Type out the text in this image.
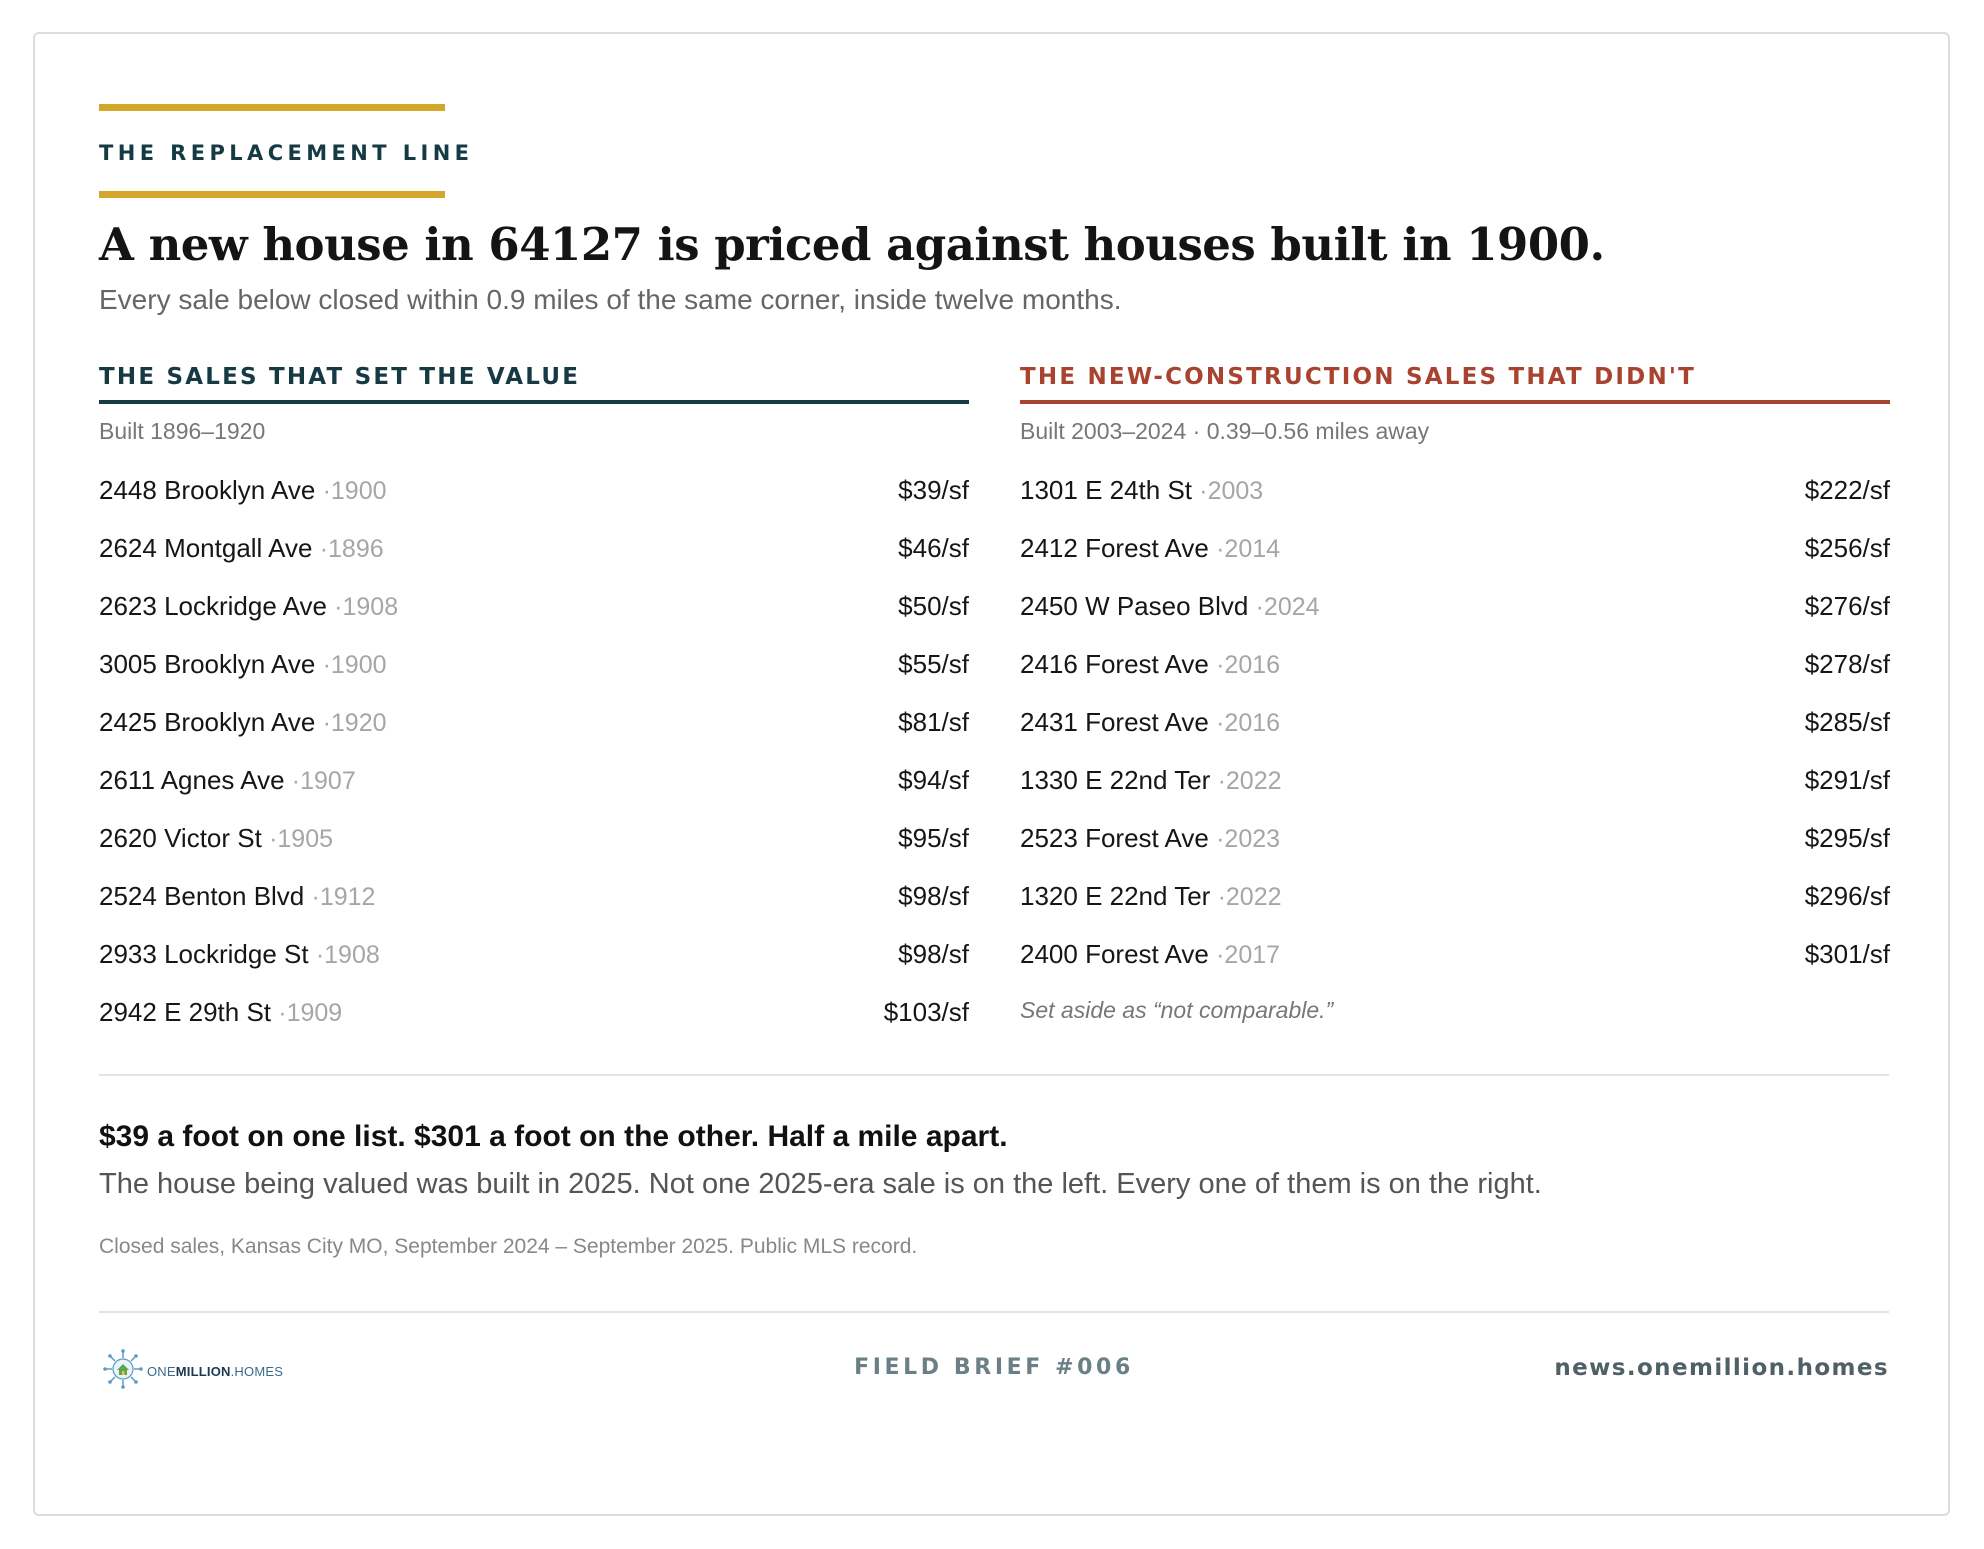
THE REPLACEMENT LINE
A new house in 64127 is priced against houses built in 1900.
Every sale below closed within 0.9 miles of the same corner, inside twelve months.
THE SALES THAT SET THE VALUE
Built 1896–1920
2448 Brooklyn Ave ·1900	$39/sf
2624 Montgall Ave ·1896	$46/sf
2623 Lockridge Ave ·1908	$50/sf
3005 Brooklyn Ave ·1900	$55/sf
2425 Brooklyn Ave ·1920	$81/sf
2611 Agnes Ave ·1907	$94/sf
2620 Victor St ·1905	$95/sf
2524 Benton Blvd ·1912	$98/sf
2933 Lockridge St ·1908	$98/sf
2942 E 29th St ·1909	$103/sf
THE NEW-CONSTRUCTION SALES THAT DIDN'T
Built 2003–2024 · 0.39–0.56 miles away
1301 E 24th St ·2003	$222/sf
2412 Forest Ave ·2014	$256/sf
2450 W Paseo Blvd ·2024	$276/sf
2416 Forest Ave ·2016	$278/sf
2431 Forest Ave ·2016	$285/sf
1330 E 22nd Ter ·2022	$291/sf
2523 Forest Ave ·2023	$295/sf
1320 E 22nd Ter ·2022	$296/sf
2400 Forest Ave ·2017	$301/sf
Set aside as “not comparable.”
$39 a foot on one list. $301 a foot on the other. Half a mile apart.
The house being valued was built in 2025. Not one 2025-era sale is on the left. Every one of them is on the right.
Closed sales, Kansas City MO, September 2024 – September 2025. Public MLS record.
ONEMILLION.HOMES	FIELD BRIEF #006	news.onemillion.homes
